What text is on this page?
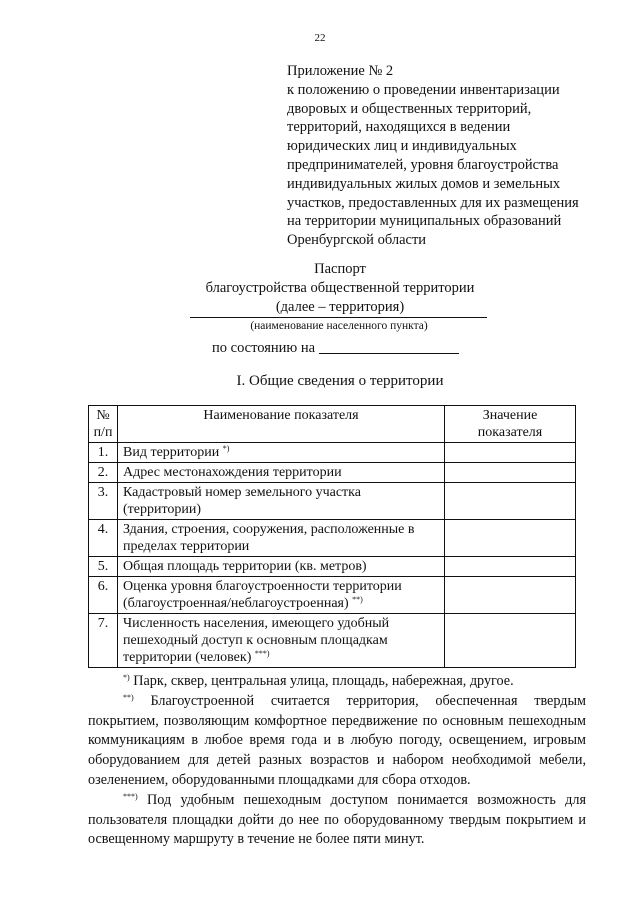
22
Приложение № 2
к положению о проведении инвентаризации
дворовых и общественных территорий,
территорий, находящихся в ведении
юридических лиц и индивидуальных
предпринимателей, уровня благоустройства
индивидуальных жилых домов и земельных
участков, предоставленных для их размещения
на территории муниципальных образований
Оренбургской области
Паспорт
благоустройства общественной территории
(далее – территория)
(наименование населенного пункта)
по состоянию на
I. Общие сведения о территории
№ п/п	Наименование показателя	Значение показателя
1.	Вид территории *)	
2.	Адрес местонахождения территории	
3.	Кадастровый номер земельного участка (территории)	
4.	Здания, строения, сооружения, расположенные в пределах территории	
5.	Общая площадь территории (кв. метров)	
6.	Оценка уровня благоустроенности территории (благоустроенная/неблагоустроенная) **)	
7.	Численность населения, имеющего удобный пешеходный доступ к основным площадкам территории (человек) ***)	

*) Парк, сквер, центральная улица, площадь, набережная, другое.

**) Благоустроенной считается территория, обеспеченная твердым покрытием, позволяющим комфортное передвижение по основным пешеходным коммуникациям в любое время года и в любую погоду, освещением, игровым оборудованием для детей разных возрастов и набором необходимой мебели, озеленением, оборудованными площадками для сбора отходов.

***) Под удобным пешеходным доступом понимается возможность для пользователя площадки дойти до нее по оборудованному твердым покрытием и освещенному маршруту в течение не более пяти минут.
